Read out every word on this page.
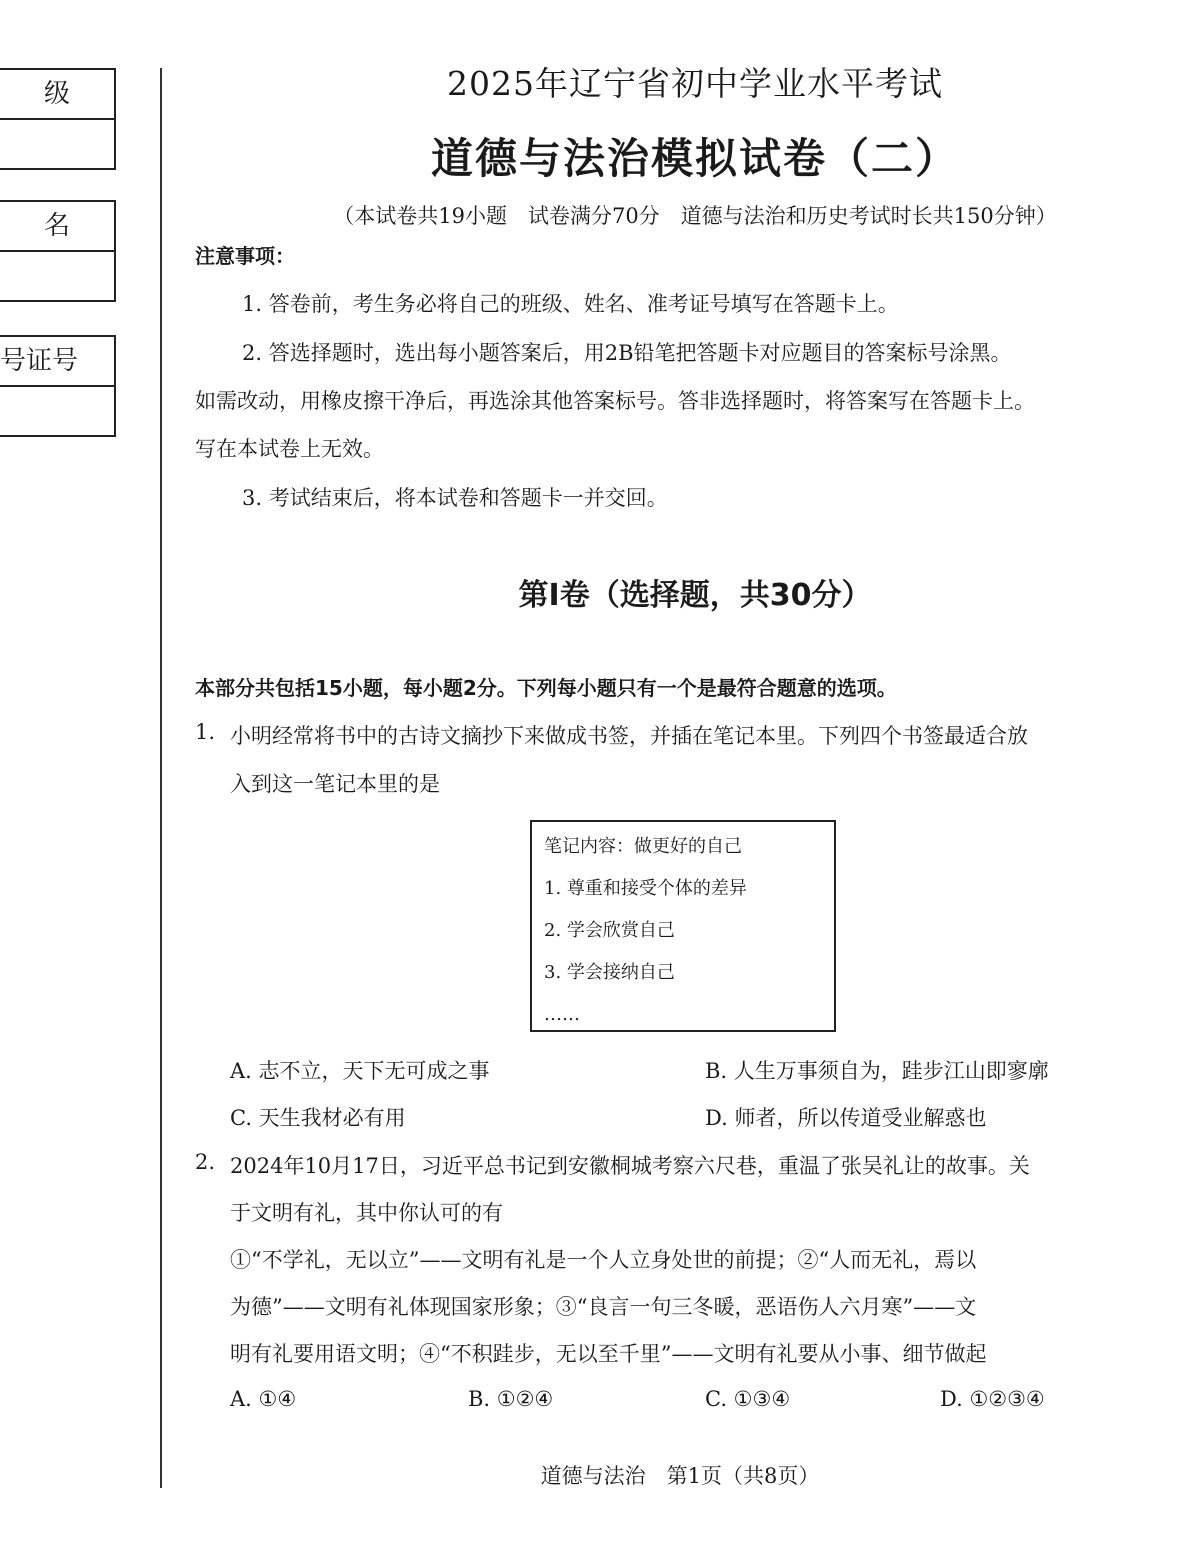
级
名
号证号
2025年辽宁省初中学业水平考试
道德与法治模拟试卷（二）
（本试卷共19小题　试卷满分70分　道德与法治和历史考试时长共150分钟）
注意事项：
1. 答卷前，考生务必将自己的班级、姓名、准考证号填写在答题卡上。
2. 答选择题时，选出每小题答案后，用2B铅笔把答题卡对应题目的答案标号涂黑。
如需改动，用橡皮擦干净后，再选涂其他答案标号。答非选择题时，将答案写在答题卡上。
写在本试卷上无效。
3. 考试结束后，将本试卷和答题卡一并交回。
第Ⅰ卷（选择题，共30分）
本部分共包括15小题，每小题2分。下列每小题只有一个是最符合题意的选项。
1. 小明经常将书中的古诗文摘抄下来做成书签，并插在笔记本里。下列四个书签最适合放
入到这一笔记本里的是
笔记内容：做更好的自己
1. 尊重和接受个体的差异
2. 学会欣赏自己
3. 学会接纳自己
……
A. 志不立，天下无可成之事	B. 人生万事须自为，跬步江山即寥廓
C. 天生我材必有用	D. 师者，所以传道受业解惑也
2. 2024年10月17日，习近平总书记到安徽桐城考察六尺巷，重温了张吴礼让的故事。关
于文明有礼，其中你认可的有
①“不学礼，无以立”——文明有礼是一个人立身处世的前提；②“人而无礼，焉以
为德”——文明有礼体现国家形象；③“良言一句三冬暖，恶语伤人六月寒”——文
明有礼要用语文明；④“不积跬步，无以至千里”——文明有礼要从小事、细节做起
A. ①④	B. ①②④	C. ①③④	D. ①②③④
道德与法治　第1页（共8页）
